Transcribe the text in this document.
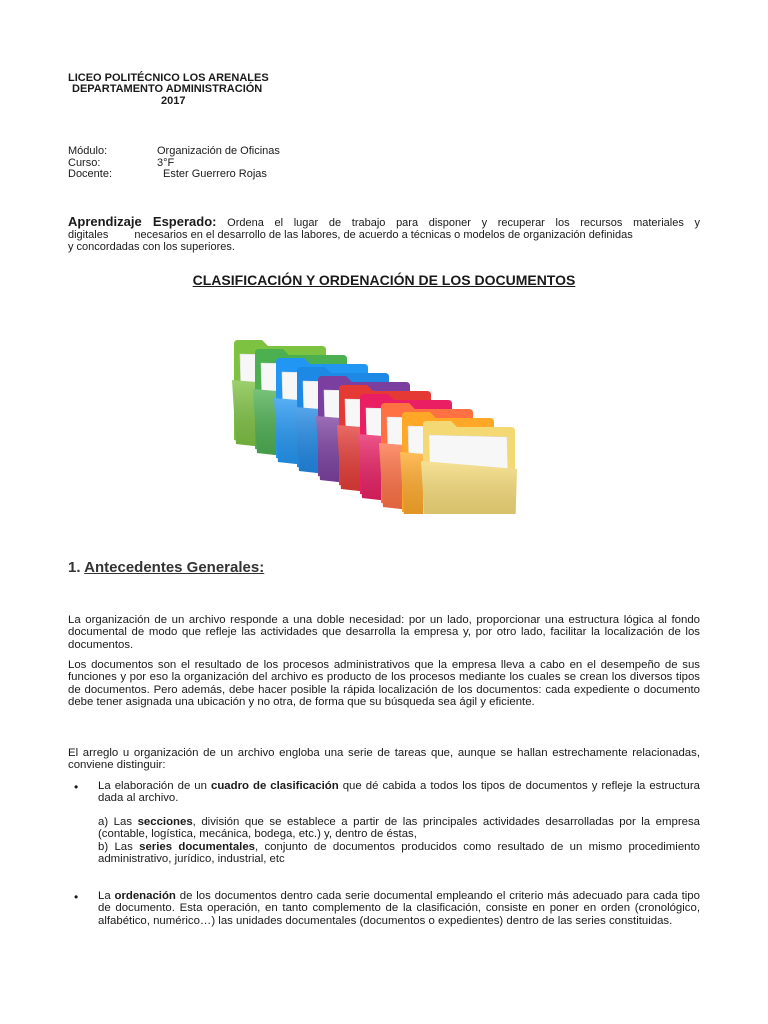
LICEO POLITÉCNICO LOS ARENALES
DEPARTAMENTO ADMINISTRACIÓN
2017
Módulo:	Organización de Oficinas
Curso:	3°F
Docente:	Ester Guerrero Rojas
Aprendizaje Esperado: Ordena el lugar de trabajo para disponer y recuperar los recursos materiales y
digitales necesarios en el desarrollo de las labores, de acuerdo a técnicas o modelos de organización definidas
y concordadas con los superiores.
CLASIFICACIÓN Y ORDENACIÓN DE LOS DOCUMENTOS
1. Antecedentes Generales:
La organización de un archivo responde a una doble necesidad: por un lado, proporcionar una estructura lógica al fondo documental de modo que refleje las actividades que desarrolla la empresa y, por otro lado, facilitar la localización de los documentos.
Los documentos son el resultado de los procesos administrativos que la empresa lleva a cabo en el desempeño de sus funciones y por eso la organización del archivo es producto de los procesos mediante los cuales se crean los diversos tipos de documentos. Pero además, debe hacer posible la rápida localización de los documentos: cada expediente o documento debe tener asignada una ubicación y no otra, de forma que su búsqueda sea ágil y eficiente.
El arreglo u organización de un archivo engloba una serie de tareas que, aunque se hallan estrechamente relacionadas, conviene distinguir:
• La elaboración de un cuadro de clasificación que dé cabida a todos los tipos de documentos y refleje la estructura dada al archivo.
a) Las secciones, división que se establece a partir de las principales actividades desarrolladas por la empresa (contable, logística, mecánica, bodega, etc.) y, dentro de éstas,
b) Las series documentales, conjunto de documentos producidos como resultado de un mismo procedimiento administrativo, jurídico, industrial, etc
• La ordenación de los documentos dentro cada serie documental empleando el criterio más adecuado para cada tipo de documento. Esta operación, en tanto complemento de la clasificación, consiste en poner en orden (cronológico, alfabético, numérico…) las unidades documentales (documentos o expedientes) dentro de las series constituidas.
